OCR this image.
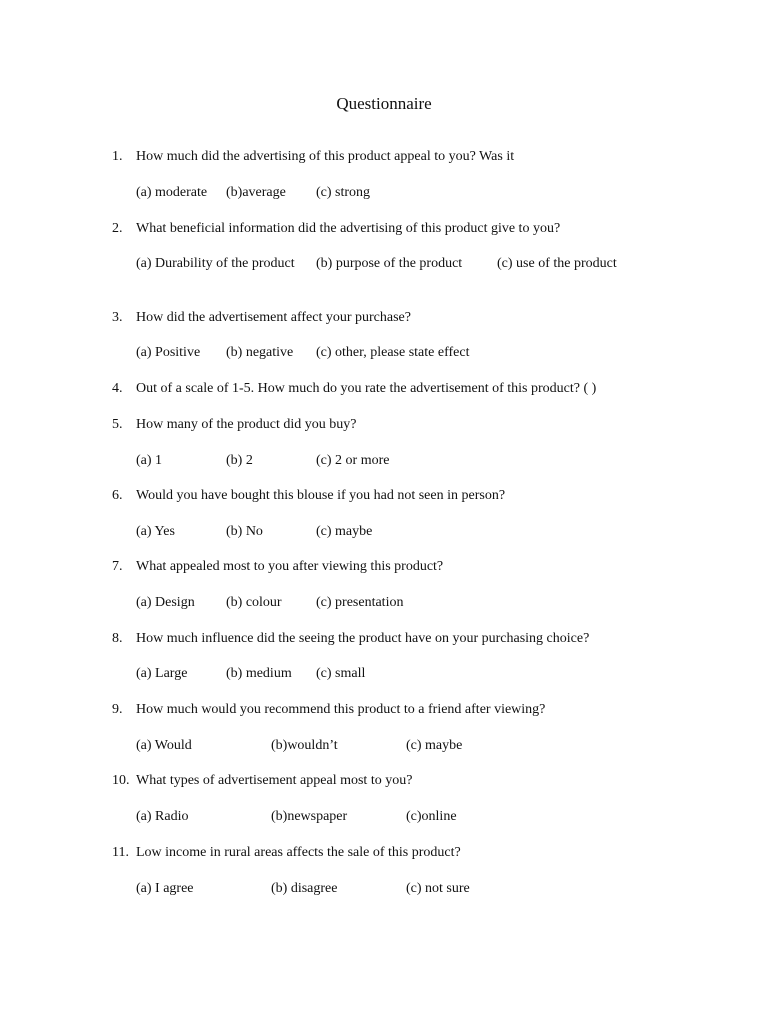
Questionnaire
1. How much did the advertising of this product appeal to you? Was it
(a) moderate (b)average (c) strong
2. What beneficial information did the advertising of this product give to you?
(a) Durability of the product (b) purpose of the product (c) use of the product
3. How did the advertisement affect your purchase?
(a) Positive (b) negative (c) other, please state effect
4. Out of a scale of 1-5. How much do you rate the advertisement of this product? ( )
5. How many of the product did you buy?
(a) 1	(b) 2	(c) 2 or more
6. Would you have bought this blouse if you had not seen in person?
(a) Yes	(b) No	(c) maybe
7. What appealed most to you after viewing this product?
(a) Design (b) colour (c) presentation
8. How much influence did the seeing the product have on your purchasing choice?
(a) Large	(b) medium (c) small
9. How much would you recommend this product to a friend after viewing?
(a) Would	(b)wouldn’t	(c) maybe
10. What types of advertisement appeal most to you?
(a) Radio	(b)newspaper	(c)online
11. Low income in rural areas affects the sale of this product?
(a) I agree	(b) disagree	(c) not sure
